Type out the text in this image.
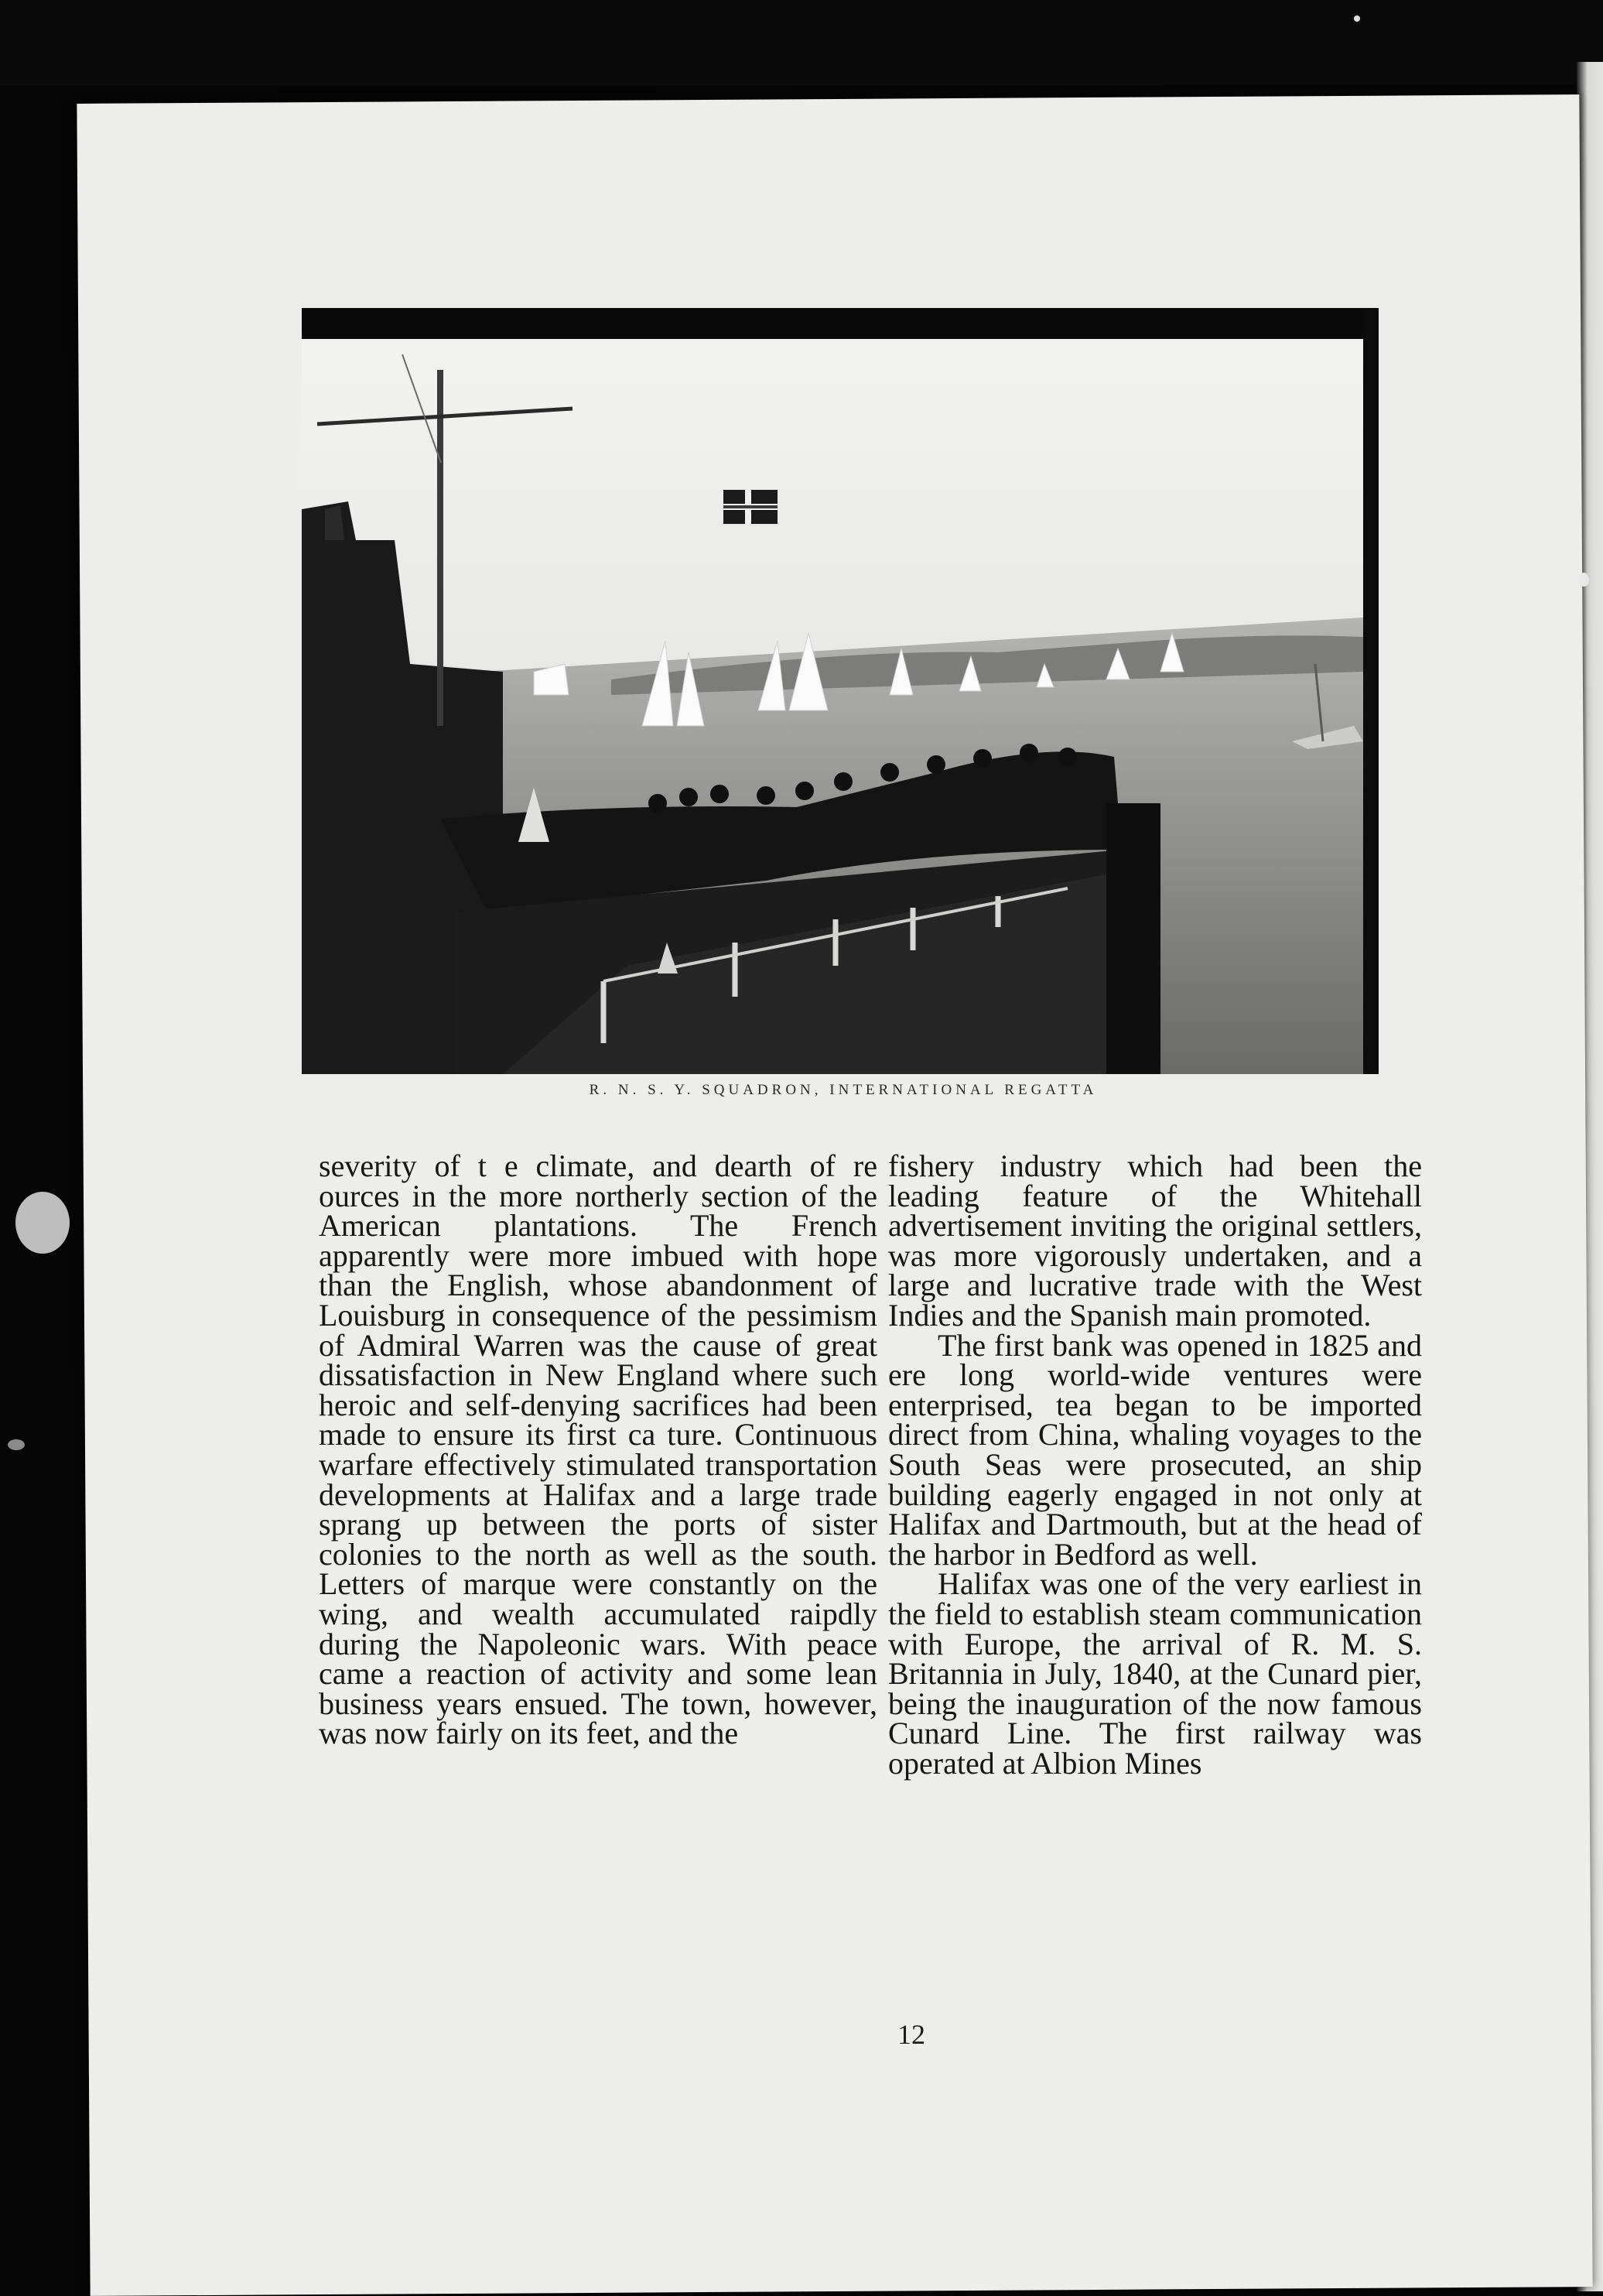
R. N. S. Y. SQUADRON, INTERNATIONAL REGATTA

severity of t e climate, and dearth of re ources in the more northerly section of the American plantations. The French apparently were more imbued with hope than the English, whose abandonment of Louisburg in consequence of the pessimism of Admiral Warren was the cause of great dissatisfaction in New England where such heroic and self-denying sacrifices had been made to ensure its first ca ture. Continuous warfare effectively stimulated transportation developments at Halifax and a large trade sprang up between the ports of sister colonies to the north as well as the south. Letters of marque were constantly on the wing, and wealth accumulated raipdly during the Napoleonic wars. With peace came a reaction of activity and some lean business years ensued. The town, however, was now fairly on its feet, and the

fishery industry which had been the leading feature of the Whitehall advertisement inviting the original settlers, was more vigorously undertaken, and a large and lucrative trade with the West Indies and the Spanish main promoted.

The first bank was opened in 1825 and ere long world-wide ventures were enterprised, tea began to be imported direct from China, whaling voyages to the South Seas were prosecuted, an ship building eagerly engaged in not only at Halifax and Dartmouth, but at the head of the harbor in Bedford as well.

Halifax was one of the very earliest in the field to establish steam communication with Europe, the arrival of R. M. S. Britannia in July, 1840, at the Cunard pier, being the inauguration of the now famous Cunard Line. The first railway was operated at Albion Mines

12
